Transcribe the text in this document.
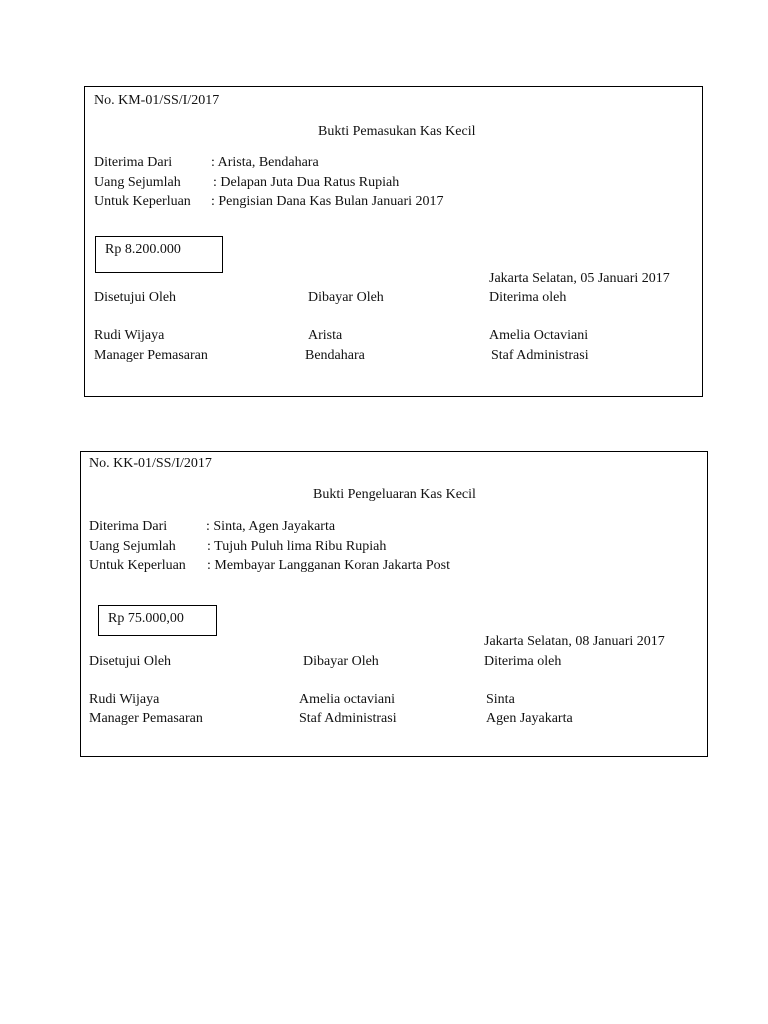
No. KM-01/SS/I/2017
Bukti Pemasukan Kas Kecil
Diterima Dari	: Arista, Bendahara
Uang Sejumlah : Delapan Juta Dua Ratus Rupiah
Untuk Keperluan : Pengisian Dana Kas Bulan Januari 2017
Rp 8.200.000
Jakarta Selatan, 05 Januari 2017
Disetujui Oleh	Dibayar Oleh	Diterima oleh
Rudi Wijaya	Arista	Amelia Octaviani
Manager Pemasaran	Bendahara	Staf Administrasi
No. KK-01/SS/I/2017
Bukti Pengeluaran Kas Kecil
Diterima Dari	: Sinta, Agen Jayakarta
Uang Sejumlah : Tujuh Puluh lima Ribu Rupiah
Untuk Keperluan : Membayar Langganan Koran Jakarta Post
Rp 75.000,00
Jakarta Selatan, 08 Januari 2017
Disetujui Oleh	Dibayar Oleh	Diterima oleh
Rudi Wijaya	Amelia octaviani	Sinta
Manager Pemasaran	Staf Administrasi	Agen Jayakarta
